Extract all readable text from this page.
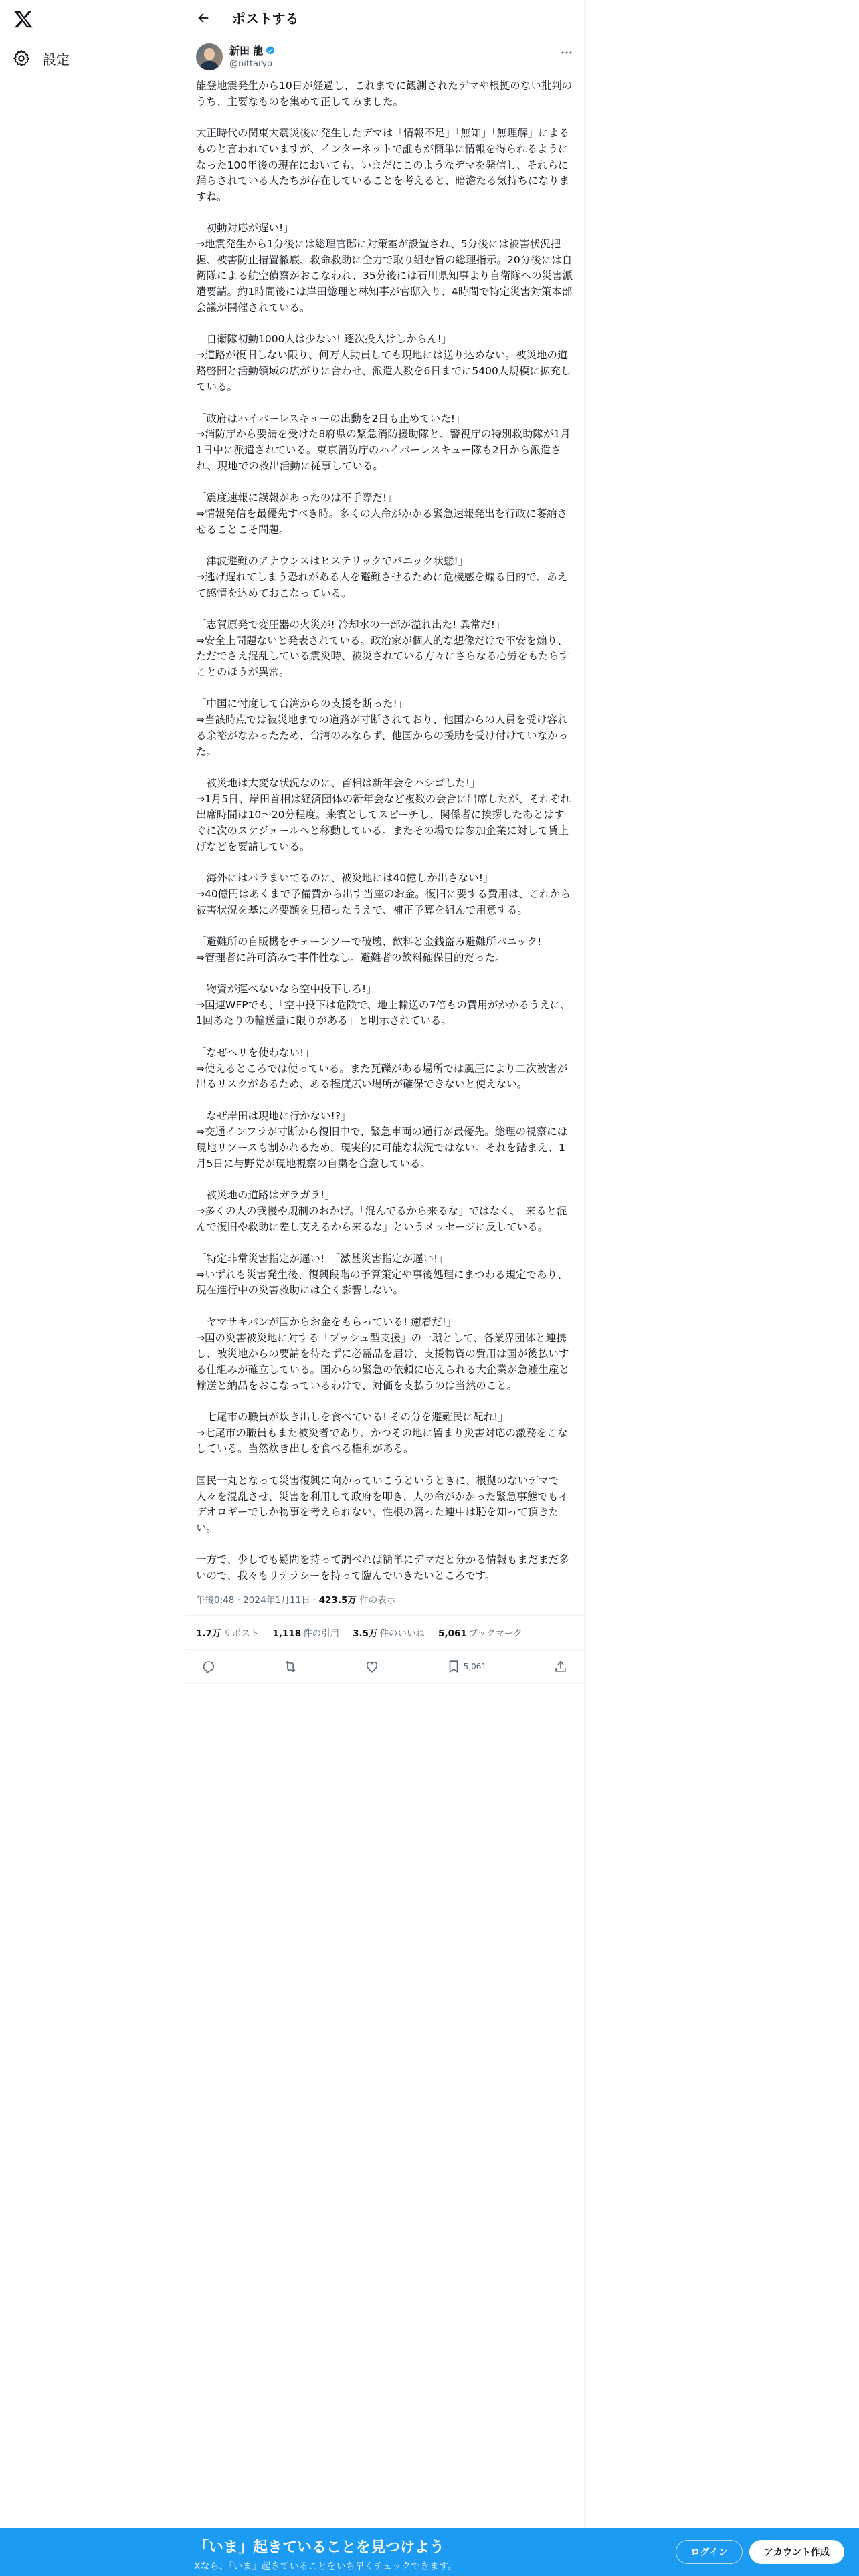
設定
ポストする
新田 龍
@nittaryo
能登地震発生から10日が経過し、これまでに観測されたデマや根拠のない批判のうち、主要なものを集めて正してみました。

大正時代の関東大震災後に発生したデマは「情報不足」「無知」「無理解」によるものと言われていますが、インターネットで誰もが簡単に情報を得られるようになった100年後の現在においても、いまだにこのようなデマを発信し、それらに踊らされている人たちが存在していることを考えると、暗澹たる気持ちになりますね。

「初動対応が遅い!」
⇒地震発生から1分後には総理官邸に対策室が設置され、5分後には被害状況把握、被害防止措置徹底、救命救助に全力で取り組む旨の総理指示。20分後には自衛隊による航空偵察がおこなわれ、35分後には石川県知事より自衛隊への災害派遣要請。約1時間後には岸田総理と林知事が官邸入り、4時間で特定災害対策本部会議が開催されている。

「自衛隊初動1000人は少ない! 逐次投入けしからん!」
⇒道路が復旧しない限り、何万人動員しても現地には送り込めない。被災地の道路啓開と活動領域の広がりに合わせ、派遣人数を6日までに5400人規模に拡充している。

「政府はハイパーレスキューの出動を2日も止めていた!」
⇒消防庁から要請を受けた8府県の緊急消防援助隊と、警視庁の特別救助隊が1月1日中に派遣されている。東京消防庁のハイパーレスキュー隊も2日から派遣され、現地での救出活動に従事している。

「震度速報に誤報があったのは不手際だ!」
⇒情報発信を最優先すべき時。多くの人命がかかる緊急速報発出を行政に萎縮させることこそ問題。

「津波避難のアナウンスはヒステリックでパニック状態!」
⇒逃げ遅れてしまう恐れがある人を避難させるために危機感を煽る目的で、あえて感情を込めておこなっている。

「志賀原発で変圧器の火災が! 冷却水の一部が溢れ出た! 異常だ!」
⇒安全上問題ないと発表されている。政治家が個人的な想像だけで不安を煽り、ただでさえ混乱している震災時、被災されている方々にさらなる心労をもたらすことのほうが異常。

「中国に忖度して台湾からの支援を断った!」
⇒当該時点では被災地までの道路が寸断されており、他国からの人員を受け容れる余裕がなかったため、台湾のみならず、他国からの援助を受け付けていなかった。

「被災地は大変な状況なのに、首相は新年会をハシゴした!」
⇒1月5日、岸田首相は経済団体の新年会など複数の会合に出席したが、それぞれ出席時間は10〜20分程度。来賓としてスピーチし、関係者に挨拶したあとはすぐに次のスケジュールへと移動している。またその場では参加企業に対して賃上げなどを要請している。

「海外にはバラまいてるのに、被災地には40億しか出さない!」
⇒40億円はあくまで予備費から出す当座のお金。復旧に要する費用は、これから被害状況を基に必要額を見積ったうえで、補正予算を組んで用意する。

「避難所の自販機をチェーンソーで破壊、飲料と金銭盗み避難所パニック!」
⇒管理者に許可済みで事件性なし。避難者の飲料確保目的だった。

「物資が運べないなら空中投下しろ!」
⇒国連WFPでも、「空中投下は危険で、地上輸送の7倍もの費用がかかるうえに、1回あたりの輸送量に限りがある」と明示されている。

「なぜヘリを使わない!」
⇒使えるところでは使っている。また瓦礫がある場所では風圧により二次被害が出るリスクがあるため、ある程度広い場所が確保できないと使えない。

「なぜ岸田は現地に行かない!?」
⇒交通インフラが寸断から復旧中で、緊急車両の通行が最優先。総理の視察には現地リソースも割かれるため、現実的に可能な状況ではない。それを踏まえ、1月5日に与野党が現地視察の自粛を合意している。

「被災地の道路はガラガラ!」
⇒多くの人の我慢や規制のおかげ。「混んでるから来るな」ではなく、「来ると混んで復旧や救助に差し支えるから来るな」というメッセージに反している。

「特定非常災害指定が遅い!」「激甚災害指定が遅い!」
⇒いずれも災害発生後、復興段階の予算策定や事後処理にまつわる規定であり、現在進行中の災害救助には全く影響しない。

「ヤマサキパンが国からお金をもらっている! 癒着だ!」
⇒国の災害被災地に対する「プッシュ型支援」の一環として、各業界団体と連携し、被災地からの要請を待たずに必需品を届け、支援物資の費用は国が後払いする仕組みが確立している。国からの緊急の依頼に応えられる大企業が急遽生産と輸送と納品をおこなっているわけで、対価を支払うのは当然のこと。

「七尾市の職員が炊き出しを食べている! その分を避難民に配れ!」
⇒七尾市の職員もまた被災者であり、かつその地に留まり災害対応の激務をこなしている。当然炊き出しを食べる権利がある。

国民一丸となって災害復興に向かっていこうというときに、根拠のないデマで人々を混乱させ、災害を利用して政府を叩き、人の命がかかった緊急事態でもイデオロギーでしか物事を考えられない、性根の腐った連中は恥を知って頂きたい。

一方で、少しでも疑問を持って調べれば簡単にデマだと分かる情報もまだまだ多いので、我々もリテラシーを持って臨んでいきたいところです。
午後0:48 · 2024年1月11日 · 423.5万 件の表示
1.7万 リポスト 1,118 件の引用 3.5万 件のいいね 5,061 ブックマーク
5,061
「いま」起きていることを見つけよう
Xなら、「いま」起きていることをいち早くチェックできます。
ログイン	アカウント作成
